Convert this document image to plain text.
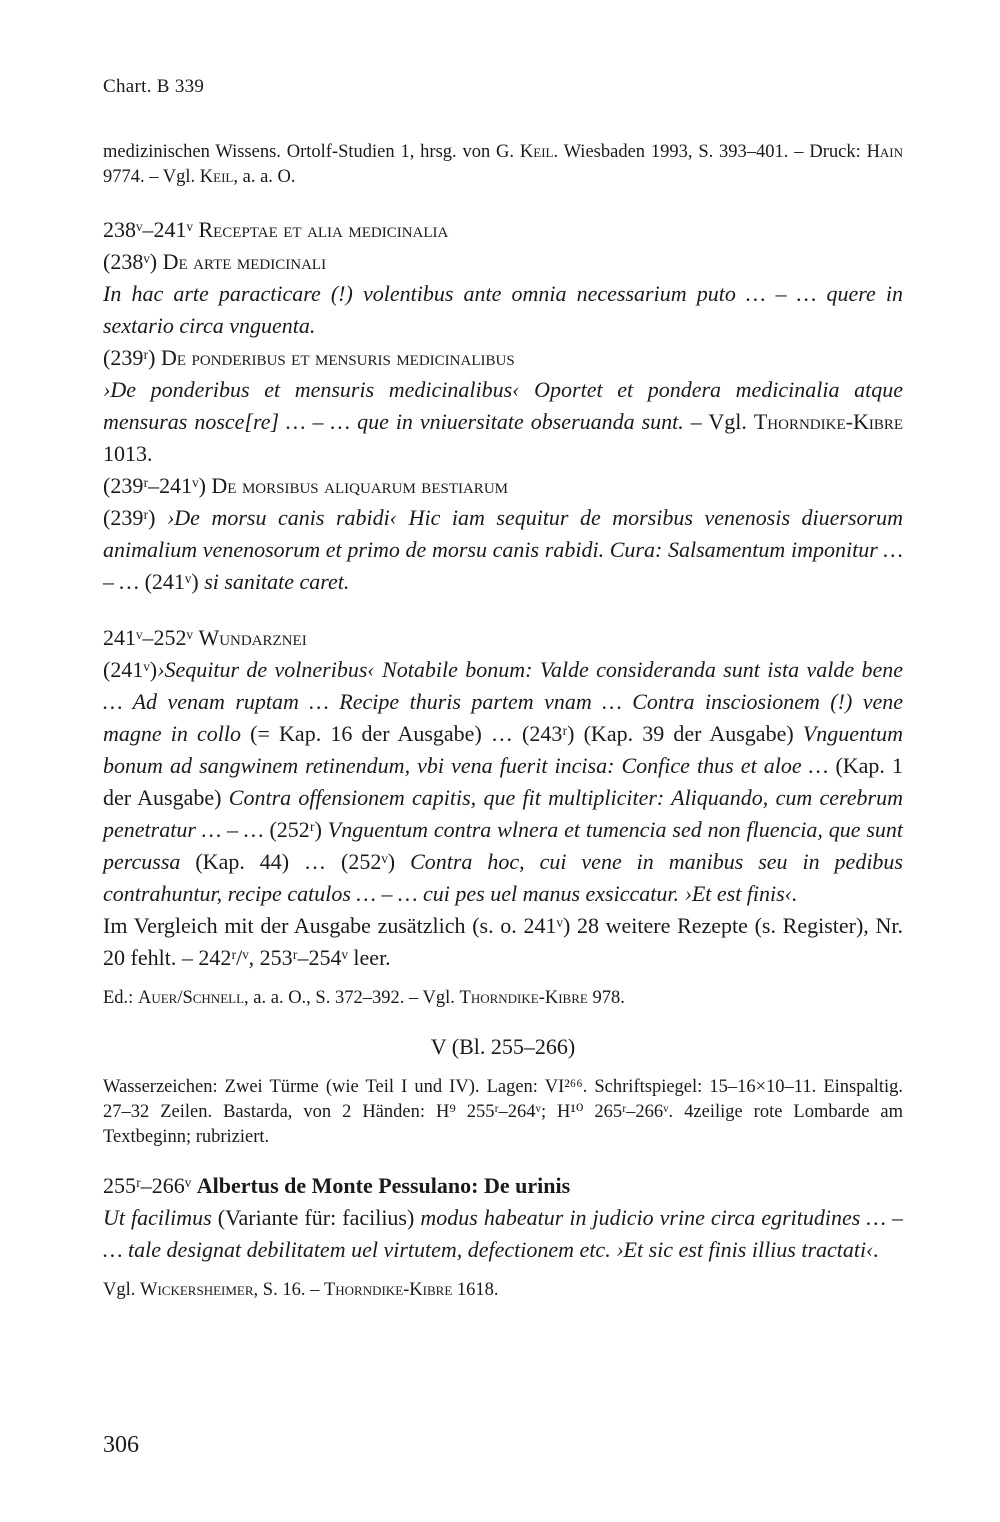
Chart. B 339

medizinischen Wissens. Ortolf-Studien 1, hrsg. von G. Keil. Wiesbaden 1993, S. 393–401. – Druck: Hain 9774. – Vgl. Keil, a. a. O.

238ᵛ–241ᵛ Receptae et alia medicinalia

(238ᵛ) De arte medicinali

In hac arte paracticare (!) volentibus ante omnia necessarium puto … – … quere in sextario circa vnguenta.

(239ʳ) De ponderibus et mensuris medicinalibus

›De ponderibus et mensuris medicinalibus‹ Oportet et pondera medicinalia atque mensuras nosce[re] … – … que in vniuersitate obseruanda sunt. – Vgl. Thorndike-Kibre 1013.

(239ʳ–241ᵛ) De morsibus aliquarum bestiarum

(239ʳ) ›De morsu canis rabidi‹ Hic iam sequitur de morsibus venenosis diuersorum animalium venenosorum et primo de morsu canis rabidi. Cura: Salsamentum imponitur … – … (241ᵛ) si sanitate caret.

241ᵛ–252ᵛ Wundarznei

(241ᵛ)›Sequitur de volneribus‹ Notabile bonum: Valde consideranda sunt ista valde bene … Ad venam ruptam … Recipe thuris partem vnam … Contra insciosionem (!) vene magne in collo (= Kap. 16 der Ausgabe) … (243ʳ) (Kap. 39 der Ausgabe) Vnguentum bonum ad sangwinem retinendum, vbi vena fuerit incisa: Confice thus et aloe … (Kap. 1 der Ausgabe) Contra offensionem capitis, que fit multipliciter: Aliquando, cum cerebrum penetratur … – … (252ʳ) Vnguentum contra wlnera et tumencia sed non fluencia, que sunt percussa (Kap. 44) … (252ᵛ) Contra hoc, cui vene in manibus seu in pedibus contrahuntur, recipe catulos … – … cui pes uel manus exsiccatur. ›Et est finis‹.

Im Vergleich mit der Ausgabe zusätzlich (s. o. 241ᵛ) 28 weitere Rezepte (s. Register), Nr. 20 fehlt. – 242ʳ/ᵛ, 253ʳ–254ᵛ leer.

Ed.: Auer/Schnell, a. a. O., S. 372–392. – Vgl. Thorndike-Kibre 978.

V (Bl. 255–266)

Wasserzeichen: Zwei Türme (wie Teil I und IV). Lagen: VI²⁶⁶. Schriftspiegel: 15–16×10–11. Einspaltig. 27–32 Zeilen. Bastarda, von 2 Händen: H⁹ 255ʳ–264ᵛ; H¹⁰ 265ʳ–266ᵛ. 4zeilige rote Lombarde am Textbeginn; rubriziert.

255ʳ–266ᵛ Albertus de Monte Pessulano: De urinis

Ut facilimus (Variante für: facilius) modus habeatur in judicio vrine circa egritudines … – … tale designat debilitatem uel virtutem, defectionem etc. ›Et sic est finis illius tractati‹.

Vgl. Wickersheimer, S. 16. – Thorndike-Kibre 1618.

306
